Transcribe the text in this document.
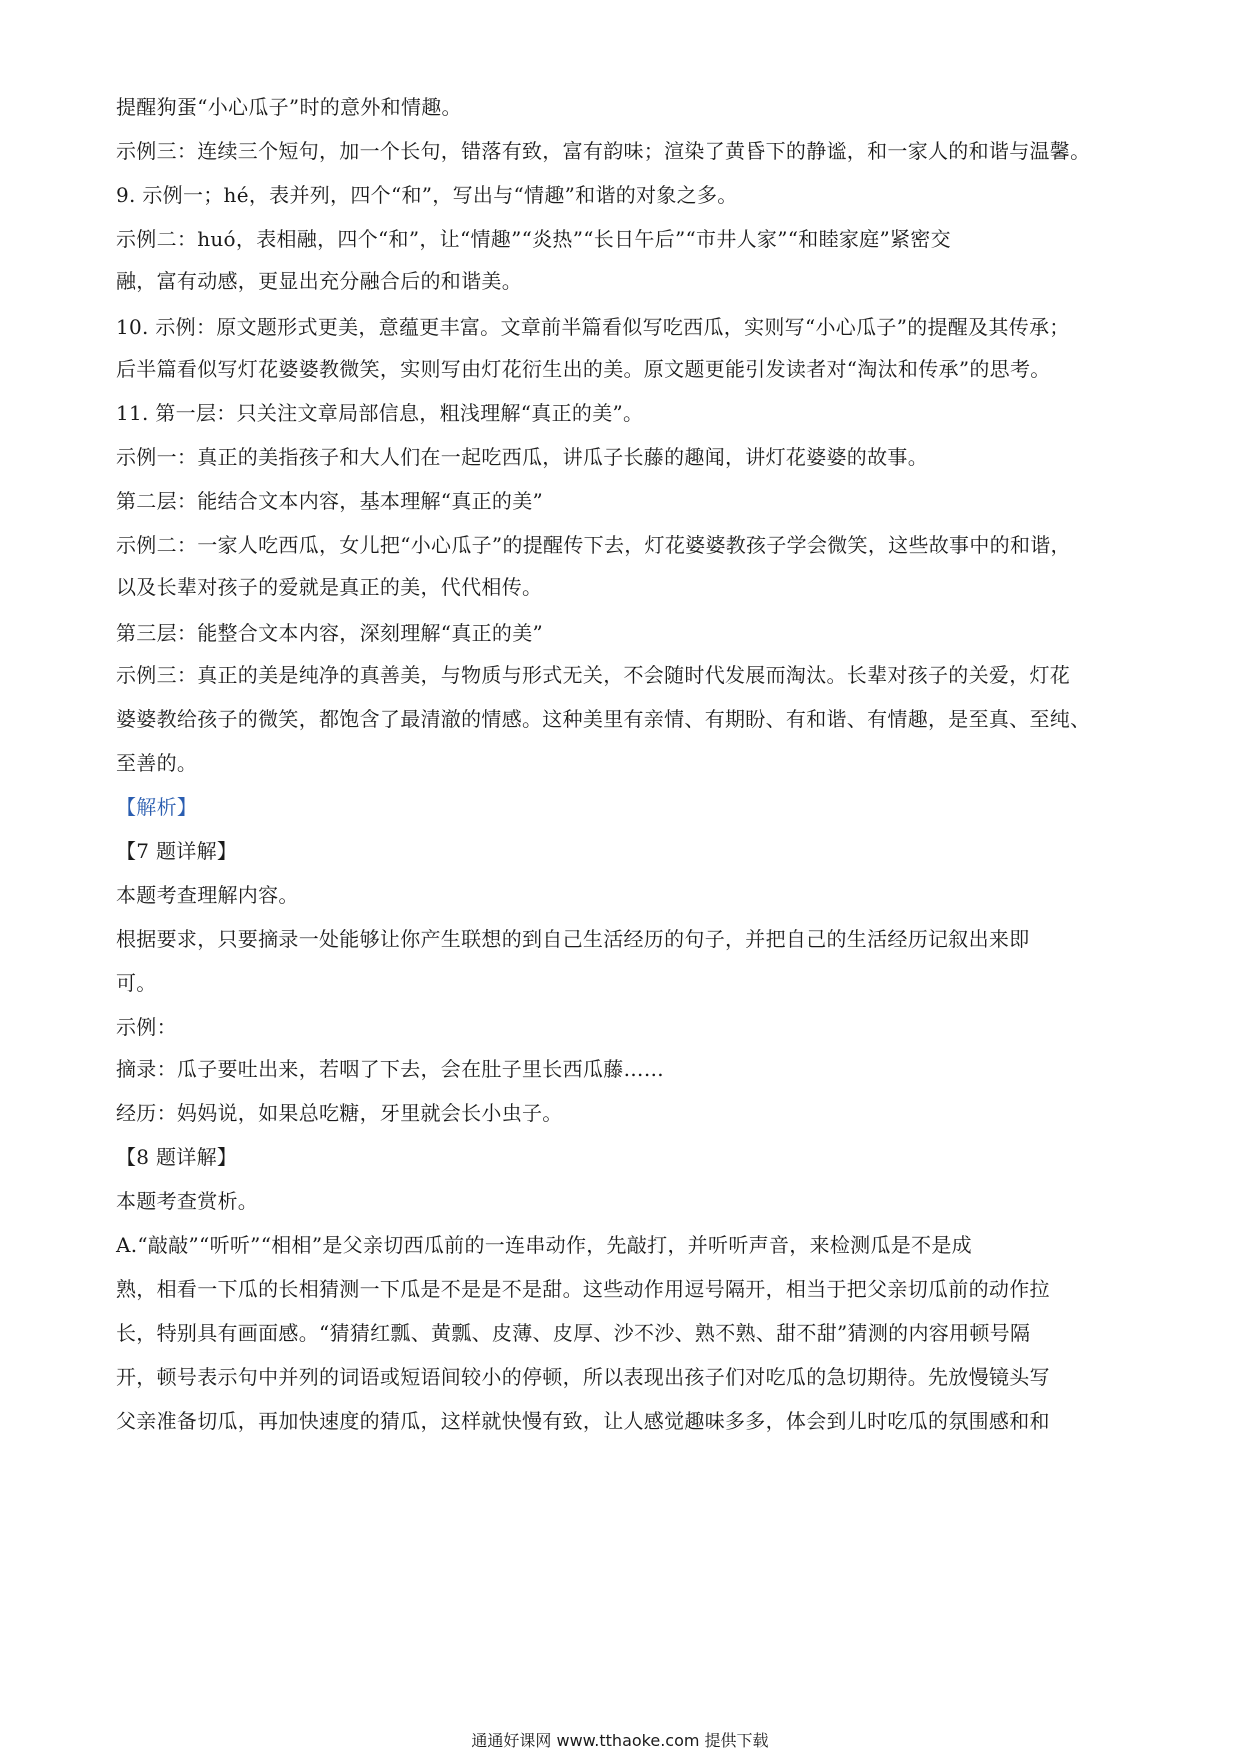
提醒狗蛋“小心瓜子”时的意外和情趣。

示例三：连续三个短句，加一个长句，错落有致，富有韵味；渲染了黄昏下的静谧，和一家人的和谐与温馨。

9. 示例一；hé，表并列，四个“和”，写出与“情趣”和谐的对象之多。

示例二：huó，表相融，四个“和”，让“情趣”“炎热”“长日午后”“市井人家”“和睦家庭”紧密交

融，富有动感，更显出充分融合后的和谐美。

10. 示例：原文题形式更美，意蕴更丰富。文章前半篇看似写吃西瓜，实则写“小心瓜子”的提醒及其传承；

后半篇看似写灯花婆婆教微笑，实则写由灯花衍生出的美。原文题更能引发读者对“淘汰和传承”的思考。

11. 第一层：只关注文章局部信息，粗浅理解“真正的美”。

示例一：真正的美指孩子和大人们在一起吃西瓜，讲瓜子长藤的趣闻，讲灯花婆婆的故事。

第二层：能结合文本内容，基本理解“真正的美”

示例二：一家人吃西瓜，女儿把“小心瓜子”的提醒传下去，灯花婆婆教孩子学会微笑，这些故事中的和谐，

以及长辈对孩子的爱就是真正的美，代代相传。

第三层：能整合文本内容，深刻理解“真正的美”

示例三：真正的美是纯净的真善美，与物质与形式无关，不会随时代发展而淘汰。长辈对孩子的关爱，灯花

婆婆教给孩子的微笑，都饱含了最清澈的情感。这种美里有亲情、有期盼、有和谐、有情趣，是至真、至纯、

至善的。

【解析】

【7 题详解】

本题考查理解内容。

根据要求，只要摘录一处能够让你产生联想的到自己生活经历的句子，并把自己的生活经历记叙出来即

可。

示例：

摘录：瓜子要吐出来，若咽了下去，会在肚子里长西瓜藤……

经历：妈妈说，如果总吃糖，牙里就会长小虫子。

【8 题详解】

本题考查赏析。

A.“敲敲”“听听”“相相”是父亲切西瓜前的一连串动作，先敲打，并听听声音，来检测瓜是不是成

熟，相看一下瓜的长相猜测一下瓜是不是是不是甜。这些动作用逗号隔开，相当于把父亲切瓜前的动作拉

长，特别具有画面感。“猜猜红瓢、黄瓢、皮薄、皮厚、沙不沙、熟不熟、甜不甜”猜测的内容用顿号隔

开，顿号表示句中并列的词语或短语间较小的停顿，所以表现出孩子们对吃瓜的急切期待。先放慢镜头写

父亲准备切瓜，再加快速度的猜瓜，这样就快慢有致，让人感觉趣味多多，体会到儿时吃瓜的氛围感和和

通通好课网 www.tthaoke.com 提供下载
